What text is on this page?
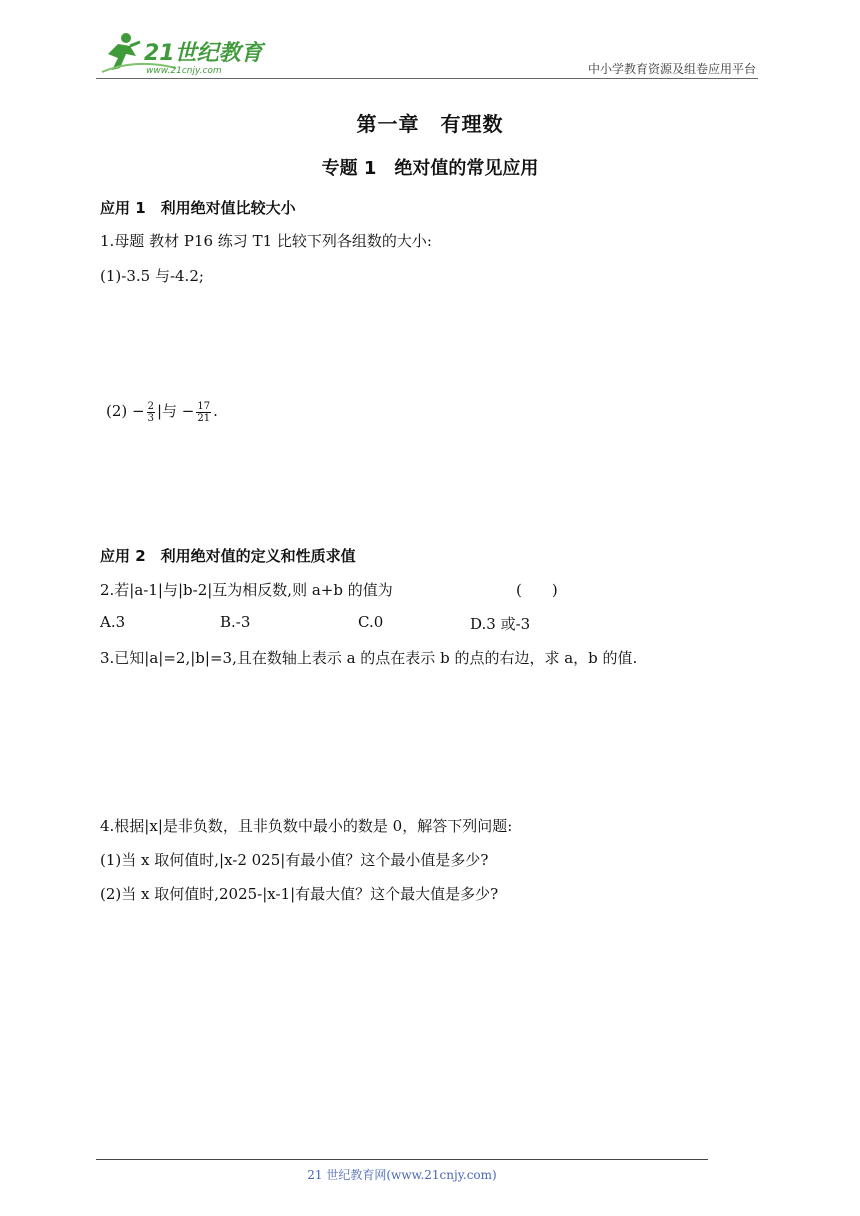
21世纪教育
www.21cnjy.com	中小学教育资源及组卷应用平台
第一章　有理数
专题 1　绝对值的常见应用
应用 1　利用绝对值比较大小
1.母题 教材 P16 练习 T1 比较下列各组数的大小:
(1)-3.5 与-4.2;
$(2) - \frac{2}{3}$ |与 − $\frac{17}{21}$ .
应用 2　利用绝对值的定义和性质求值
2.若|a-1|与|b-2|互为相反数,则 a+b 的值为	(　　)
A.3	B.-3	C.0	D.3 或-3
3.已知|a|=2,|b|=3,且在数轴上表示 a 的点在表示 b 的点的右边，求 a，b 的值.
4.根据|x|是非负数，且非负数中最小的数是 0，解答下列问题:
(1)当 x 取何值时,|x-2 025|有最小值？这个最小值是多少?
(2)当 x 取何值时,2025-|x-1|有最大值？这个最大值是多少?
21 世纪教育网(www.21cnjy.com)
